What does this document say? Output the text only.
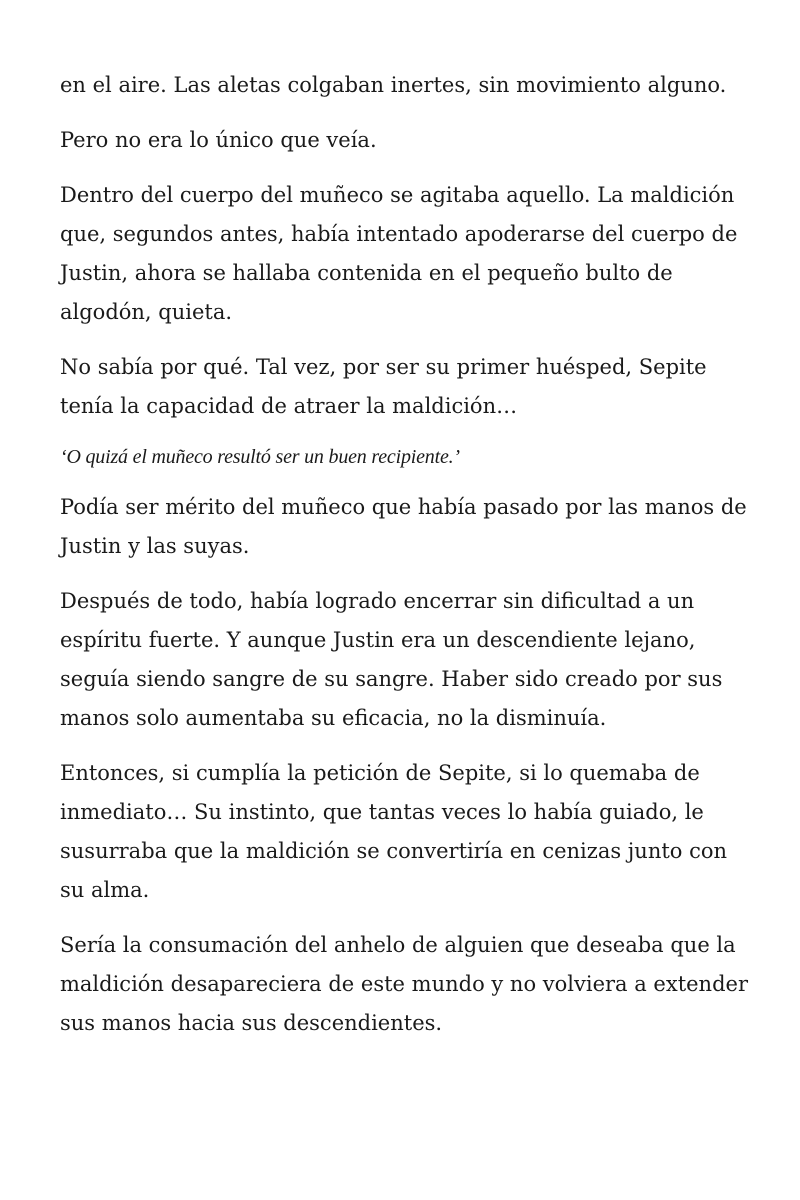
en el aire. Las aletas colgaban inertes, sin movimiento alguno.

Pero no era lo único que veía.

Dentro del cuerpo del muñeco se agitaba aquello. La maldición que, segundos antes, había intentado apoderarse del cuerpo de Justin, ahora se hallaba contenida en el pequeño bulto de algodón, quieta.

No sabía por qué. Tal vez, por ser su primer huésped, Sepite tenía la capacidad de atraer la maldición…

‘O quizá el muñeco resultó ser un buen recipiente.’

Podía ser mérito del muñeco que había pasado por las manos de Justin y las suyas.

Después de todo, había logrado encerrar sin dificultad a un espíritu fuerte. Y aunque Justin era un descendiente lejano, seguía siendo sangre de su sangre. Haber sido creado por sus manos solo aumentaba su eficacia, no la disminuía.

Entonces, si cumplía la petición de Sepite, si lo quemaba de inmediato… Su instinto, que tantas veces lo había guiado, le susurraba que la maldición se convertiría en cenizas junto con su alma.

Sería la consumación del anhelo de alguien que deseaba que la maldición desapareciera de este mundo y no volviera a extender sus manos hacia sus descendientes.
